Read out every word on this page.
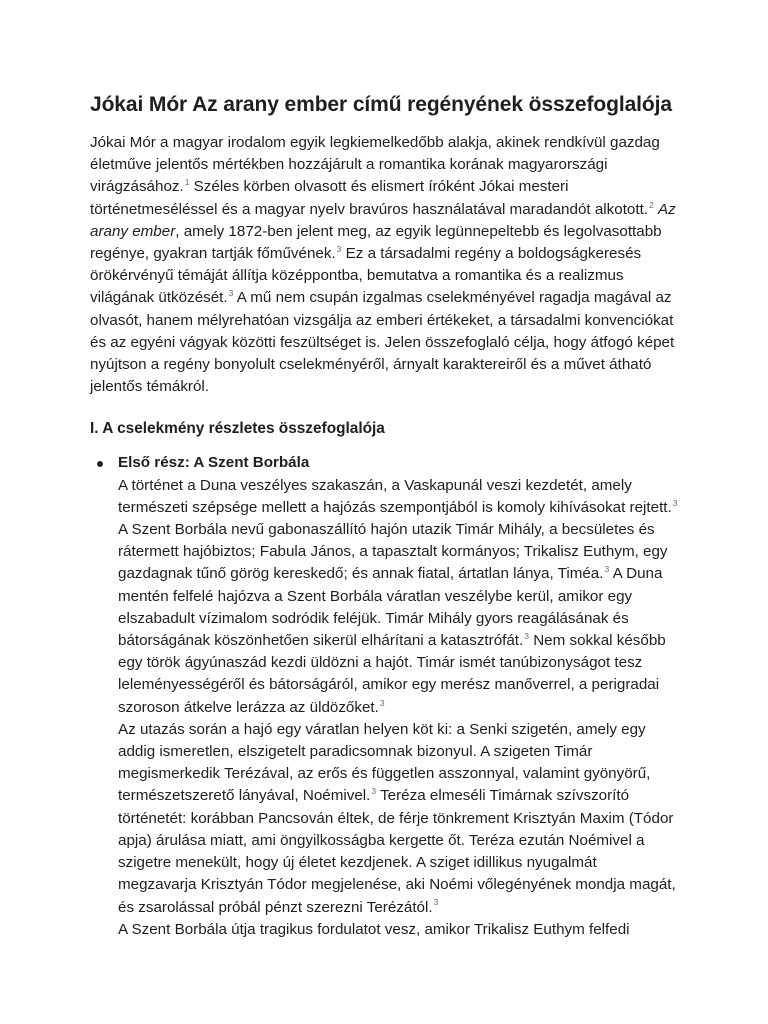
Jókai Mór Az arany ember című regényének összefoglalója

Jókai Mór a magyar irodalom egyik legkiemelkedőbb alakja, akinek rendkívül gazdag életműve jelentős mértékben hozzájárult a romantika korának magyarországi virágzásához.$^1$ Széles körben olvasott és elismert íróként Jókai mesteri történetmeséléssel és a magyar nyelv bravúros használatával maradandót alkotott.$^2$ Az arany ember, amely 1872-ben jelent meg, az egyik legünnepeltebb és legolvasottabb regénye, gyakran tartják főművének.$^3$ Ez a társadalmi regény a boldogságkeresés örökérvényű témáját állítja középpontba, bemutatva a romantika és a realizmus világának ütközését.$^3$ A mű nem csupán izgalmas cselekményével ragadja magával az olvasót, hanem mélyrehatóan vizsgálja az emberi értékeket, a társadalmi konvenciókat és az egyéni vágyak közötti feszültséget is. Jelen összefoglaló célja, hogy átfogó képet nyújtson a regény bonyolult cselekményéről, árnyalt karaktereiről és a művet átható jelentős témákról.

I. A cselekmény részletes összefoglalója
Első rész: A Szent Borbála
A történet a Duna veszélyes szakaszán, a Vaskapunál veszi kezdetét, amely természeti szépsége mellett a hajózás szempontjából is komoly kihívásokat rejtett.$^3$ A Szent Borbála nevű gabonaszállító hajón utazik Timár Mihály, a becsületes és rátermett hajóbiztos; Fabula János, a tapasztalt kormányos; Trikalisz Euthym, egy gazdagnak tűnő görög kereskedő; és annak fiatal, ártatlan lánya, Timéa.$^3$ A Duna mentén felfelé hajózva a Szent Borbála váratlan veszélybe kerül, amikor egy elszabadult vízimalom sodródik feléjük. Timár Mihály gyors reagálásának és bátorságának köszönhetően sikerül elhárítani a katasztrófát.$^3$ Nem sokkal később egy török ágyúnaszád kezdi üldözni a hajót. Timár ismét tanúbizonyságot tesz leleményességéről és bátorságáról, amikor egy merész manőverrel, a perigradai szoroson átkelve lerázza az üldözőket.$^3$
Az utazás során a hajó egy váratlan helyen köt ki: a Senki szigetén, amely egy addig ismeretlen, elszigetelt paradicsomnak bizonyul. A szigeten Timár megismerkedik Terézával, az erős és független asszonnyal, valamint gyönyörű, természetszerető lányával, Noémivel.$^3$ Teréza elmeséli Timárnak szívszorító történetét: korábban Pancsován éltek, de férje tönkrement Krisztyán Maxim (Tódor apja) árulása miatt, ami öngyilkosságba kergette őt. Teréza ezután Noémivel a szigetre menekült, hogy új életet kezdjenek. A sziget idillikus nyugalmát megzavarja Krisztyán Tódor megjelenése, aki Noémi vőlegényének mondja magát, és zsarolással próbál pénzt szerezni Terézától.$^3$
A Szent Borbála útja tragikus fordulatot vesz, amikor Trikalisz Euthym felfedi
